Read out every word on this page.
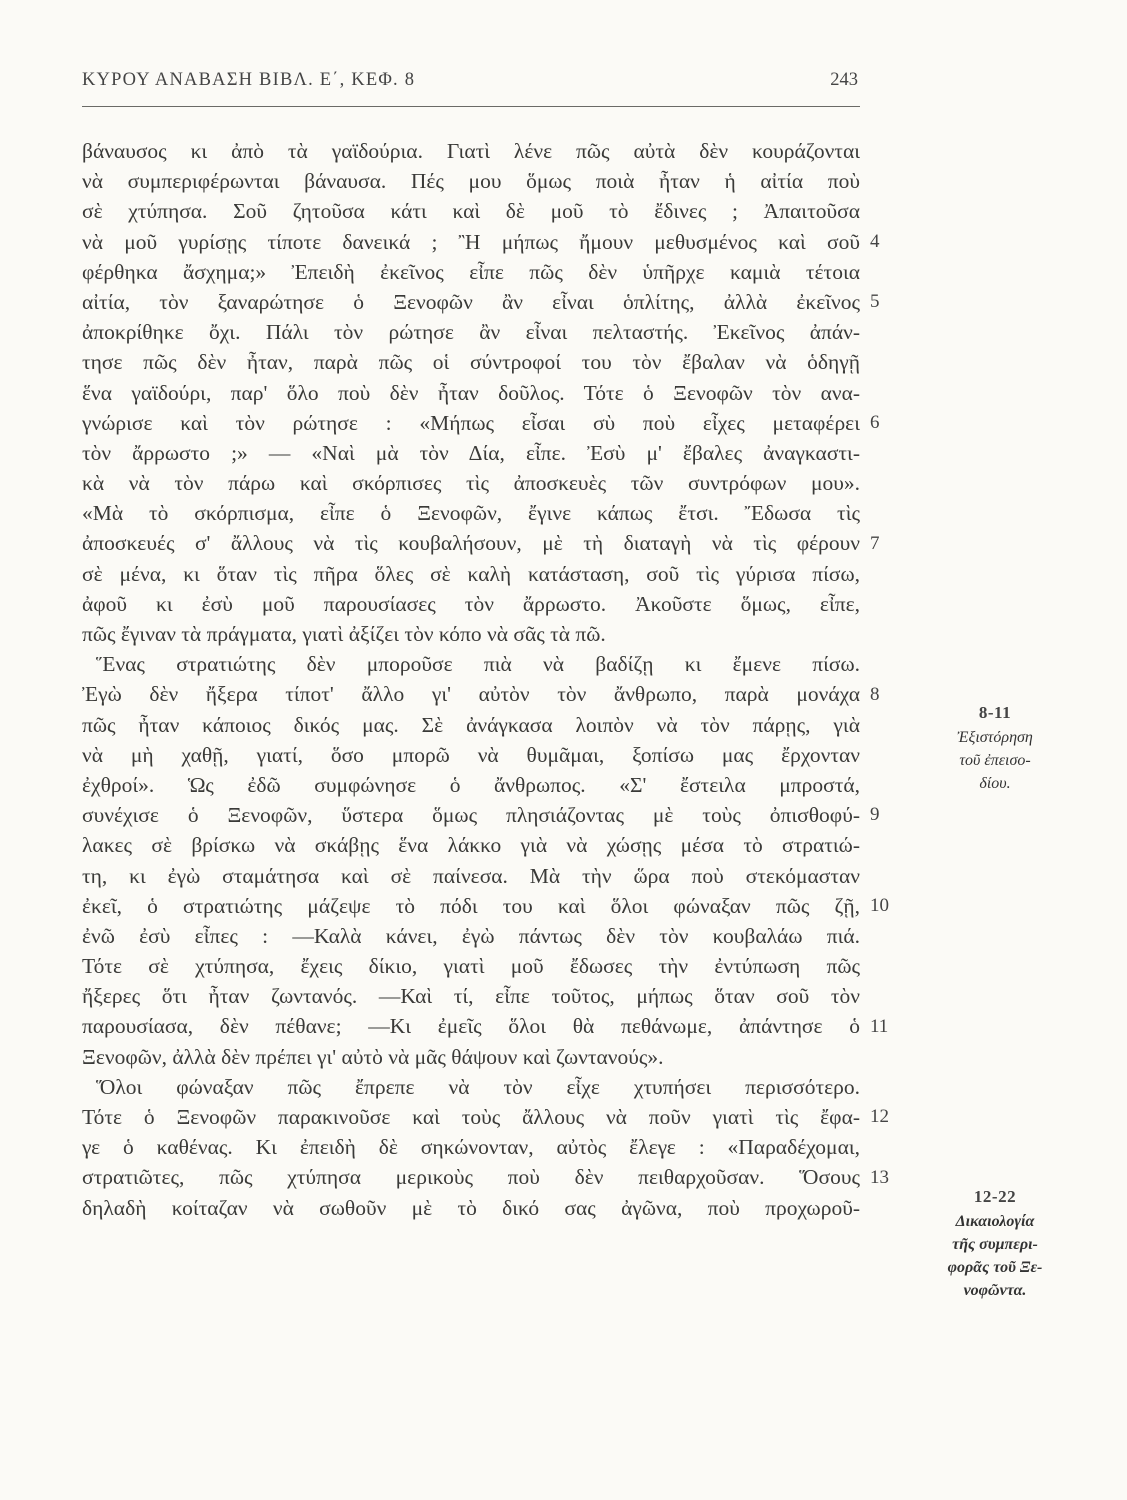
ΚΥΡΟΥ ΑΝΑΒΑΣΗ ΒΙΒΛ. Ε΄, ΚΕΦ. 8	243
βάναυσος κι ἀπὸ τὰ γαϊδούρια. Γιατὶ λένε πῶς αὐτὰ δὲν κουράζονται
νὰ συμπεριφέρωνται βάναυσα. Πές μου ὅμως ποιὰ ἦταν ἡ αἰτία ποὺ
σὲ χτύπησα. Σοῦ ζητοῦσα κάτι καὶ δὲ μοῦ τὸ ἔδινες ; Ἀπαιτοῦσα
νὰ μοῦ γυρίσῃς τίποτε δανεικά ; Ἢ μήπως ἤμουν μεθυσμένος καὶ σοῦ
φέρθηκα ἄσχημα;» Ἐπειδὴ ἐκεῖνος εἶπε πῶς δὲν ὑπῆρχε καμιὰ τέτοια
αἰτία, τὸν ξαναρώτησε ὁ Ξενοφῶν ἂν εἶναι ὁπλίτης, ἀλλὰ ἐκεῖνος
ἀποκρίθηκε ὄχι. Πάλι τὸν ρώτησε ἂν εἶναι πελταστής. Ἐκεῖνος ἀπάν-
τησε πῶς δὲν ἦταν, παρὰ πῶς οἱ σύντροφοί του τὸν ἔβαλαν νὰ ὁδηγῇ
ἕνα γαϊδούρι, παρ' ὅλο ποὺ δὲν ἦταν δοῦλος. Τότε ὁ Ξενοφῶν τὸν ανα-
γνώρισε καὶ τὸν ρώτησε : «Μήπως εἶσαι σὺ ποὺ εἶχες μεταφέρει
τὸν ἄρρωστο ;» — «Ναὶ μὰ τὸν Δία, εἶπε. Ἐσὺ μ' ἔβαλες ἀναγκαστι-
κὰ νὰ τὸν πάρω καὶ σκόρπισες τὶς ἀποσκευὲς τῶν συντρόφων μου».
«Μὰ τὸ σκόρπισμα, εἶπε ὁ Ξενοφῶν, ἔγινε κάπως ἔτσι. Ἔδωσα τὶς
ἀποσκευές σ' ἄλλους νὰ τὶς κουβαλήσουν, μὲ τὴ διαταγὴ νὰ τὶς φέρουν
σὲ μένα, κι ὅταν τὶς πῆρα ὅλες σὲ καλὴ κατάσταση, σοῦ τὶς γύρισα πίσω,
ἀφοῦ κι ἐσὺ μοῦ παρουσίασες τὸν ἄρρωστο. Ἀκοῦστε ὅμως, εἶπε,
πῶς ἔγιναν τὰ πράγματα, γιατὶ ἀξίζει τὸν κόπο νὰ σᾶς τὰ πῶ.
Ἕνας στρατιώτης δὲν μποροῦσε πιὰ νὰ βαδίζῃ κι ἔμενε πίσω.
Ἐγὼ δὲν ἤξερα τίποτ' ἄλλο γι' αὐτὸν τὸν ἄνθρωπο, παρὰ μονάχα
πῶς ἦταν κάποιος δικός μας. Σὲ ἀνάγκασα λοιπὸν νὰ τὸν πάρῃς, γιὰ
νὰ μὴ χαθῇ, γιατί, ὅσο μπορῶ νὰ θυμᾶμαι, ξοπίσω μας ἔρχονταν
ἐχθροί». Ὡς ἐδῶ συμφώνησε ὁ ἄνθρωπος. «Σ' ἔστειλα μπροστά,
συνέχισε ὁ Ξενοφῶν, ὕστερα ὅμως πλησιάζοντας μὲ τοὺς ὀπισθοφύ-
λακες σὲ βρίσκω νὰ σκάβῃς ἕνα λάκκο γιὰ νὰ χώσῃς μέσα τὸ στρατιώ-
τη, κι ἐγὼ σταμάτησα καὶ σὲ παίνεσα. Μὰ τὴν ὥρα ποὺ στεκόμασταν
ἐκεῖ, ὁ στρατιώτης μάζεψε τὸ πόδι του καὶ ὅλοι φώναξαν πῶς ζῇ,
ἐνῶ ἐσὺ εἶπες : —Καλὰ κάνει, ἐγὼ πάντως δὲν τὸν κουβαλάω πιά.
Τότε σὲ χτύπησα, ἔχεις δίκιο, γιατὶ μοῦ ἔδωσες τὴν ἐντύπωση πῶς
ἤξερες ὅτι ἦταν ζωντανός. —Καὶ τί, εἶπε τοῦτος, μήπως ὅταν σοῦ τὸν
παρουσίασα, δὲν πέθανε; —Κι ἐμεῖς ὅλοι θὰ πεθάνωμε, ἀπάντησε ὁ
Ξενοφῶν, ἀλλὰ δὲν πρέπει γι' αὐτὸ νὰ μᾶς θάψουν καὶ ζωντανούς».
Ὅλοι φώναξαν πῶς ἔπρεπε νὰ τὸν εἶχε χτυπήσει περισσότερο.
Τότε ὁ Ξενοφῶν παρακινοῦσε καὶ τοὺς ἄλλους νὰ ποῦν γιατὶ τὶς ἔφα-
γε ὁ καθένας. Κι ἐπειδὴ δὲ σηκώνονταν, αὐτὸς ἔλεγε : «Παραδέχομαι,
στρατιῶτες, πῶς χτύπησα μερικοὺς ποὺ δὲν πειθαρχοῦσαν. Ὅσους
δηλαδὴ κοίταζαν νὰ σωθοῦν μὲ τὸ δικό σας ἀγῶνα, ποὺ προχωροῦ-
4
5
6
7
8
9
10
11
12
13
8-11
Ἐξιστόρηση
τοῦ ἐπεισο-
δίου.
12-22
Δικαιολογία
τῆς συμπερι-
φορᾶς τοῦ Ξε-
νοφῶντα.
